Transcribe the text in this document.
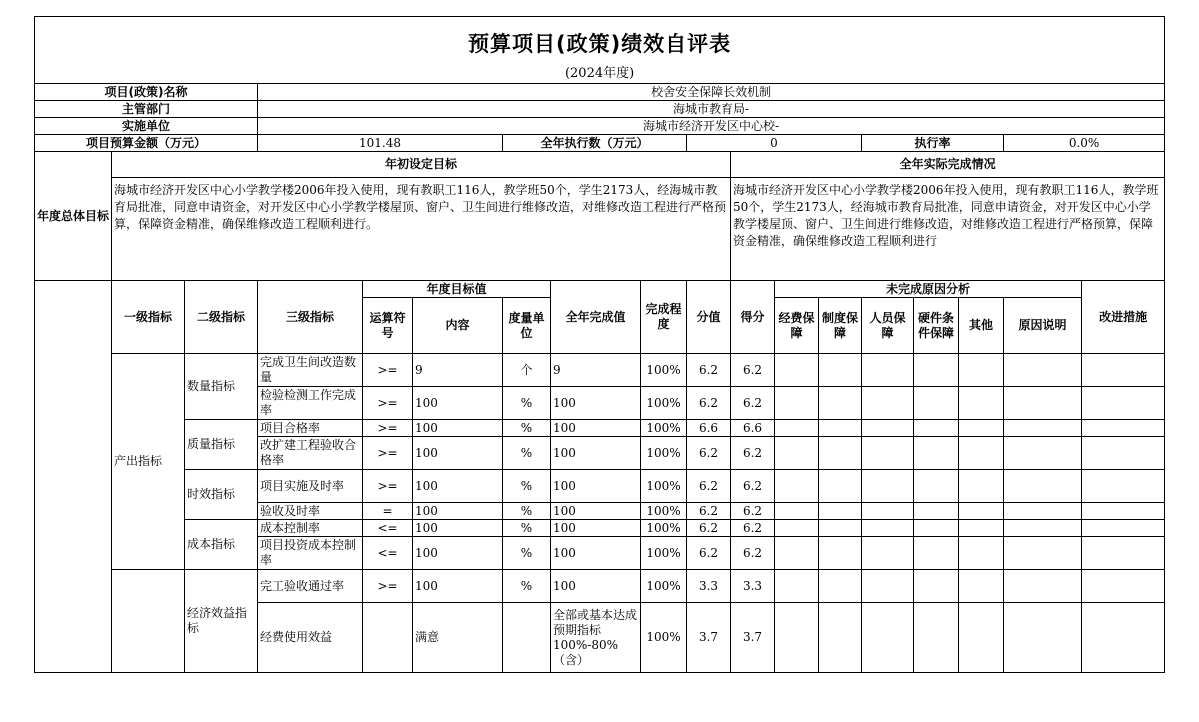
预算项目(政策)绩效自评表																	
(2024年度)																	
项目(政策)名称			校舍安全保障长效机制														
主管部门			海城市教育局-														
实施单位			海城市经济开发区中心校-														
项目预算金额（万元）			101.48			全年执行数（万元）			0				执行率			0.0%	
年度总体目标	年初设定目标									全年实际完成情况							
	海城市经济开发区中心小学教学楼2006年投入使用，现有教职工116人，教学班50个，学生2173人，经海城市教育局批准，同意申请资金，对开发区中心小学教学楼屋顶、窗户、卫生间进行维修改造，对维修改造工程进行严格预算，保障资金精准，确保维修改造工程顺利进行。									海城市经济开发区中心小学教学楼2006年投入使用，现有教职工116人，教学班50个，学生2173人，经海城市教育局批准，同意申请资金，对开发区中心小学教学楼屋顶、窗户、卫生间进行维修改造，对维修改造工程进行严格预算，保障资金精准，确保维修改造工程顺利进行							
	一级指标	二级指标	三级指标	年度目标值			全年完成值	完成程度	分值	得分	未完成原因分析						改进措施
				运算符号	内容	度量单位					经费保障	制度保障	人员保障	硬件条件保障	其他	原因说明	
	产出指标	数量指标	完成卫生间改造数量	>=	9	个	9	100%	6.2	6.2							
			检验检测工作完成率	>=	100	%	100	100%	6.2	6.2							
		质量指标	项目合格率	>=	100	%	100	100%	6.6	6.6							
			改扩建工程验收合格率	>=	100	%	100	100%	6.2	6.2							
		时效指标	项目实施及时率	>=	100	%	100	100%	6.2	6.2							
			验收及时率	=	100	%	100	100%	6.2	6.2							
		成本指标	成本控制率	<=	100	%	100	100%	6.2	6.2							
			项目投资成本控制率	<=	100	%	100	100%	6.2	6.2							
		经济效益指标	完工验收通过率	>=	100	%	100	100%	3.3	3.3							
			经费使用效益		满意		全部或基本达成预期指标100%-80%（含）	100%	3.7	3.7							
